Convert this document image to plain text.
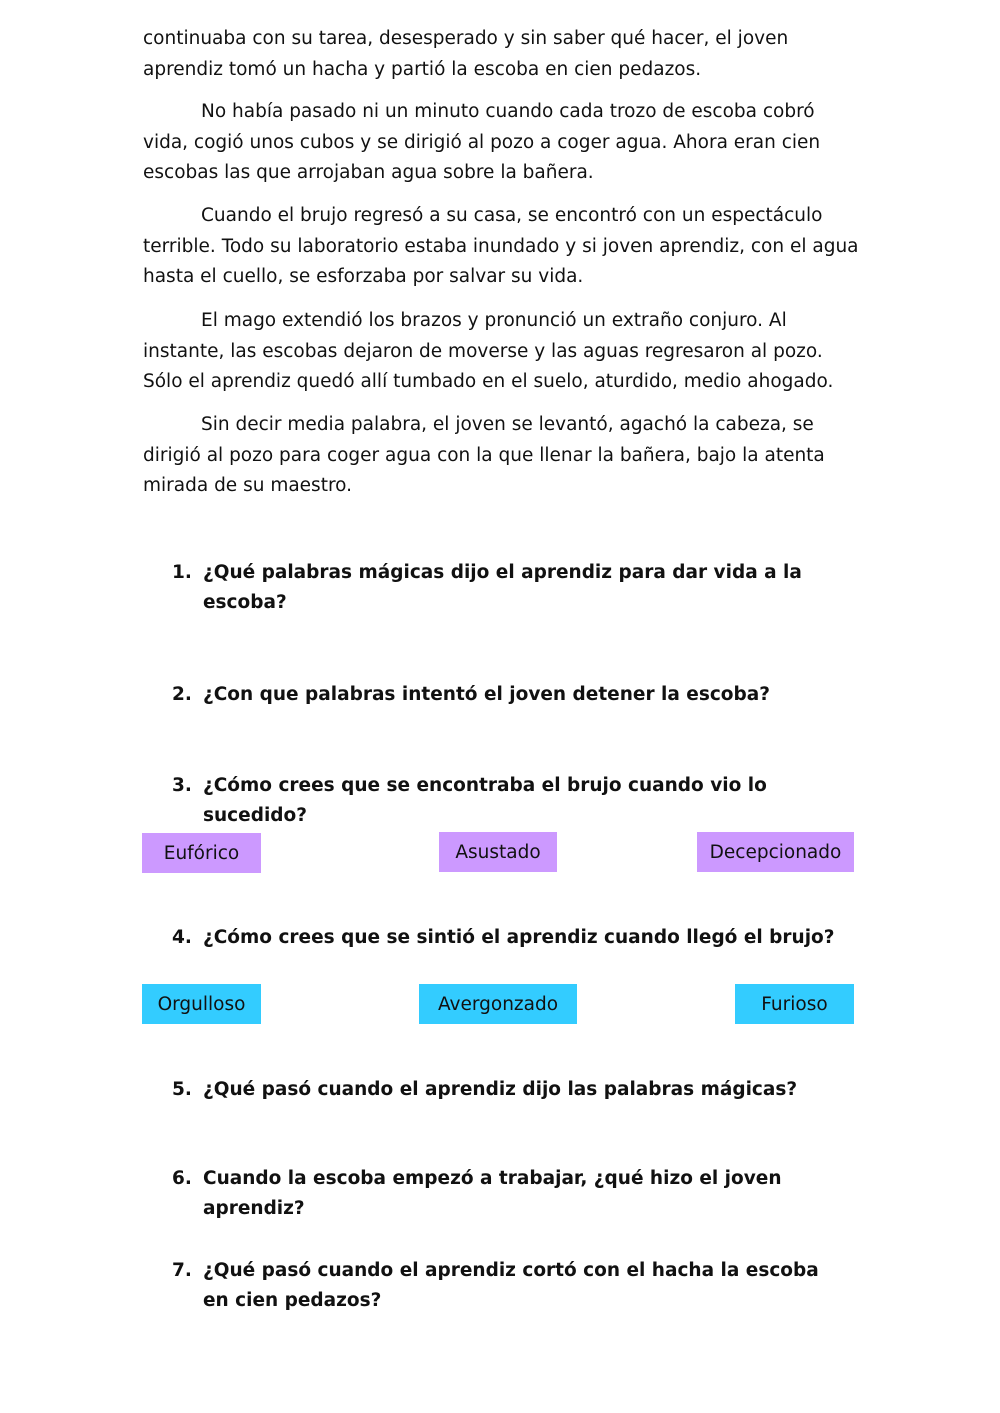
continuaba con su tarea, desesperado y sin saber qué hacer, el joven aprendiz tomó un hacha y partió la escoba en cien pedazos.

No había pasado ni un minuto cuando cada trozo de escoba cobró vida, cogió unos cubos y se dirigió al pozo a coger agua. Ahora eran cien escobas las que arrojaban agua sobre la bañera.

Cuando el brujo regresó a su casa, se encontró con un espectáculo terrible. Todo su laboratorio estaba inundado y si joven aprendiz, con el agua hasta el cuello, se esforzaba por salvar su vida.

El mago extendió los brazos y pronunció un extraño conjuro. Al instante, las escobas dejaron de moverse y las aguas regresaron al pozo. Sólo el aprendiz quedó allí tumbado en el suelo, aturdido, medio ahogado.

Sin decir media palabra, el joven se levantó, agachó la cabeza, se dirigió al pozo para coger agua con la que llenar la bañera, bajo la atenta mirada de su maestro.

1. ¿Qué palabras mágicas dijo el aprendiz para dar vida a la escoba?
2. ¿Con que palabras intentó el joven detener la escoba?
3. ¿Cómo crees que se encontraba el brujo cuando vio lo sucedido?
Eufórico	Asustado	Decepcionado
4. ¿Cómo crees que se sintió el aprendiz cuando llegó el brujo?
Orgulloso	Avergonzado	Furioso
5. ¿Qué pasó cuando el aprendiz dijo las palabras mágicas?
6. Cuando la escoba empezó a trabajar, ¿qué hizo el joven aprendiz?
7. ¿Qué pasó cuando el aprendiz cortó con el hacha la escoba en cien pedazos?
